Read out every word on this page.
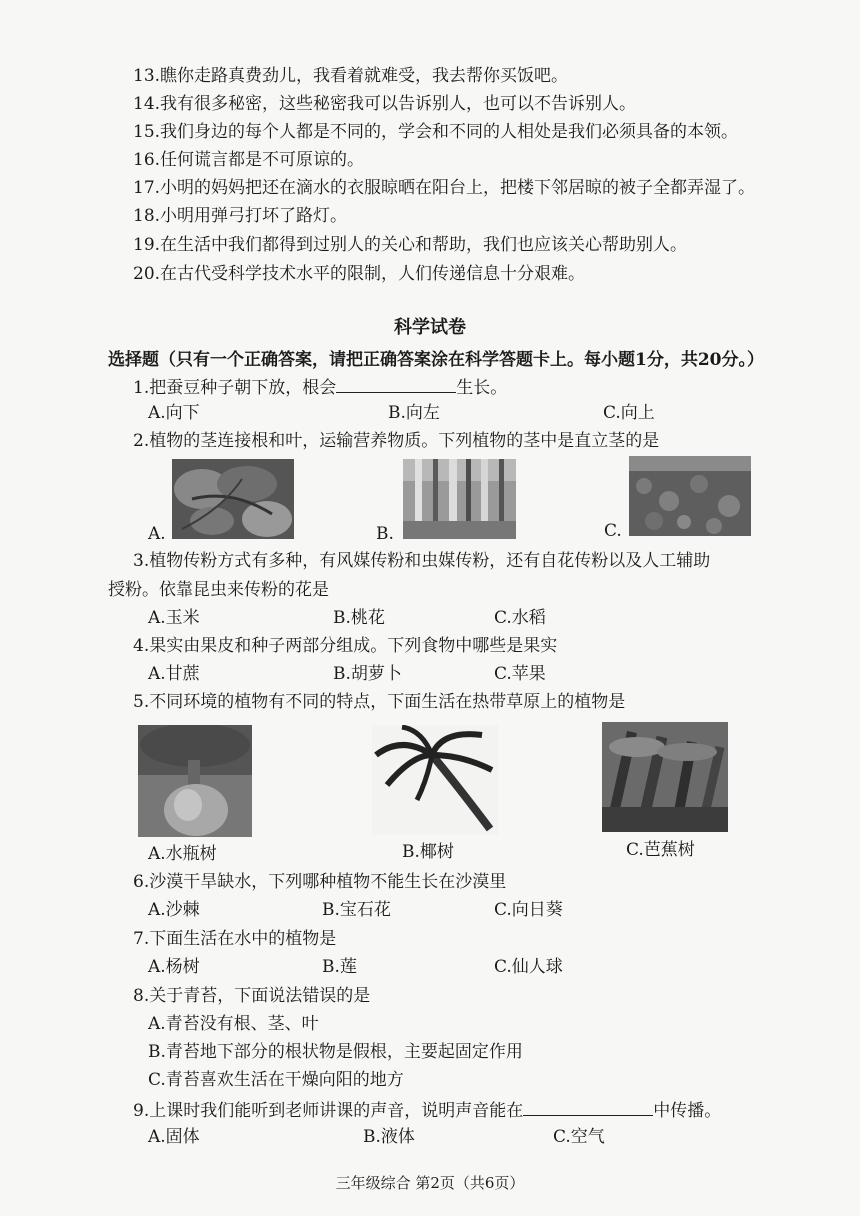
13.瞧你走路真费劲儿，我看着就难受，我去帮你买饭吧。
14.我有很多秘密，这些秘密我可以告诉别人，也可以不告诉别人。
15.我们身边的每个人都是不同的，学会和不同的人相处是我们必须具备的本领。
16.任何谎言都是不可原谅的。
17.小明的妈妈把还在滴水的衣服晾晒在阳台上，把楼下邻居晾的被子全都弄湿了。
18.小明用弹弓打坏了路灯。
19.在生活中我们都得到过别人的关心和帮助，我们也应该关心帮助别人。
20.在古代受科学技术水平的限制，人们传递信息十分艰难。
科学试卷
选择题（只有一个正确答案，请把正确答案涂在科学答题卡上。每小题1分，共20分。）
1.把蚕豆种子朝下放，根会	生长。
A.向下	B.向左	C.向上
2.植物的茎连接根和叶，运输营养物质。下列植物的茎中是直立茎的是
A.	B.	C.
3.植物传粉方式有多种，有风媒传粉和虫媒传粉，还有自花传粉以及人工辅助
授粉。依靠昆虫来传粉的花是
A.玉米	B.桃花	C.水稻
4.果实由果皮和种子两部分组成。下列食物中哪些是果实
A.甘蔗	B.胡萝卜	C.苹果
5.不同环境的植物有不同的特点，下面生活在热带草原上的植物是
A.水瓶树	B.椰树	C.芭蕉树
6.沙漠干旱缺水，下列哪种植物不能生长在沙漠里
A.沙棘	B.宝石花	C.向日葵
7.下面生活在水中的植物是
A.杨树	B.莲	C.仙人球
8.关于青苔，下面说法错误的是
A.青苔没有根、茎、叶
B.青苔地下部分的根状物是假根，主要起固定作用
C.青苔喜欢生活在干燥向阳的地方
9.上课时我们能听到老师讲课的声音，说明声音能在	中传播。
A.固体	B.液体	C.空气
三年级综合 第2页（共6页）
